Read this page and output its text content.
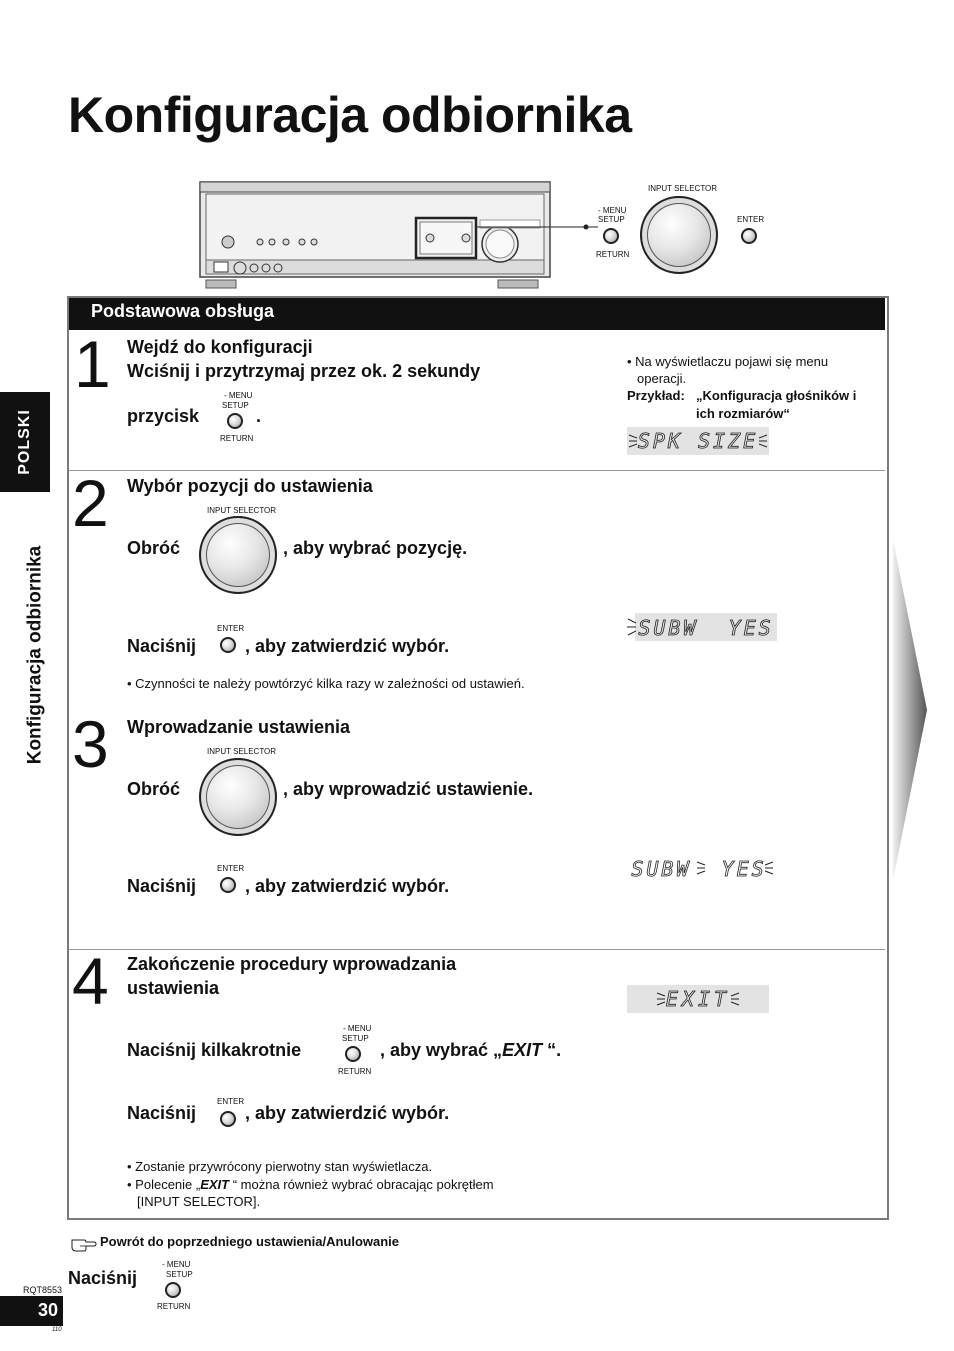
Konfiguracja odbiornika
INPUT SELECTOR
- MENU
SETUP
RETURN
ENTER
POLSKI
Konfiguracja odbiornika
Podstawowa obsługa
1 Wejdź do konfiguracji
Wciśnij i przytrzymaj przez ok. 2 sekundy
przycisk
- MENU
SETUP
RETURN
.
• Na wyświetlaczu pojawi się menu
operacji.
Przykład: „Konfiguracja głośników i
ich rozmiarów“
SPK SIZE
2 Wybór pozycji do ustawienia
INPUT SELECTOR
Obróć	, aby wybrać pozycję.
ENTER
Naciśnij	, aby zatwierdzić wybór.
• Czynności te należy powtórzyć kilka razy w zależności od ustawień.
SUBW  YES
3 Wprowadzanie ustawienia
INPUT SELECTOR
Obróć	, aby wprowadzić ustawienie.
ENTER
Naciśnij	, aby zatwierdzić wybór.
SUBW  YES
4 Zakończenie procedury wprowadzania
ustawienia
Naciśnij kilkakrotnie
- MENU
SETUP
RETURN
, aby wybrać „EXIT “.
ENTER
Naciśnij	, aby zatwierdzić wybór.
• Zostanie przywrócony pierwotny stan wyświetlacza.
• Polecenie „EXIT “ można również wybrać obracając pokrętłem
[INPUT SELECTOR].
EXIT
Powrót do poprzedniego ustawienia/Anulowanie
Naciśnij
- MENU
SETUP
RETURN
RQT8553
30
110
